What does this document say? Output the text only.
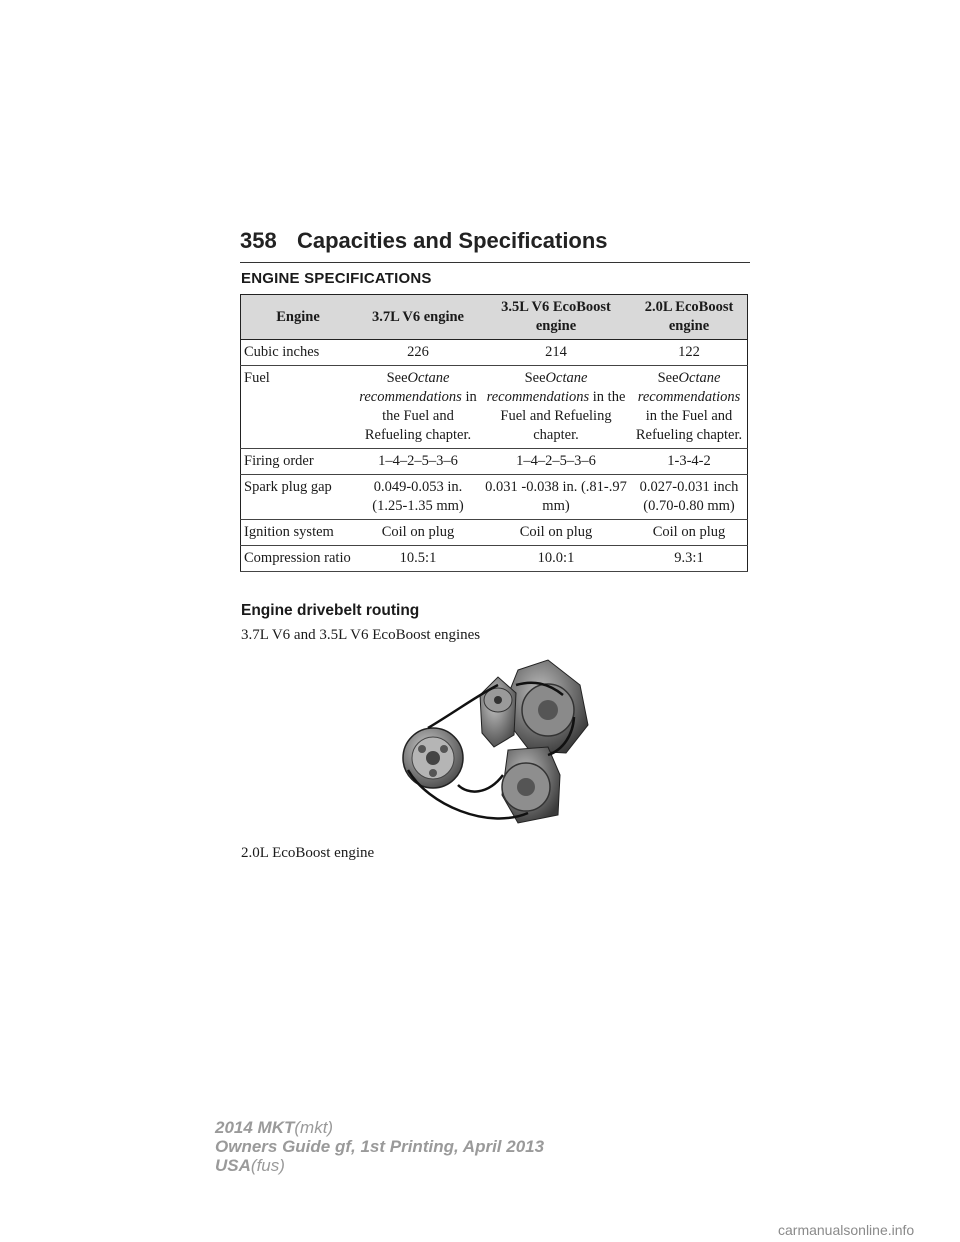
358 Capacities and Specifications
ENGINE SPECIFICATIONS
Engine	3.7L V6 engine	3.5L V6 EcoBoost engine	2.0L EcoBoost engine
Cubic inches	226	214	122
Fuel	SeeOctane recommendations in the Fuel and Refueling chapter.	SeeOctane recommendations in the Fuel and Refueling chapter.	SeeOctane recommendations in the Fuel and Refueling chapter.
Firing order	1–4–2–5–3–6	1–4–2–5–3–6	1-3-4-2
Spark plug gap	0.049-0.053 in. (1.25-1.35 mm)	0.031 -0.038 in. (.81-.97 mm)	0.027-0.031 inch (0.70-0.80 mm)
Ignition system	Coil on plug	Coil on plug	Coil on plug
Compression ratio	10.5:1	10.0:1	9.3:1
Engine drivebelt routing
3.7L V6 and 3.5L V6 EcoBoost engines
2.0L EcoBoost engine
2014 MKT(mkt)
Owners Guide gf, 1st Printing, April 2013
USA(fus)
carmanualsonline.info
